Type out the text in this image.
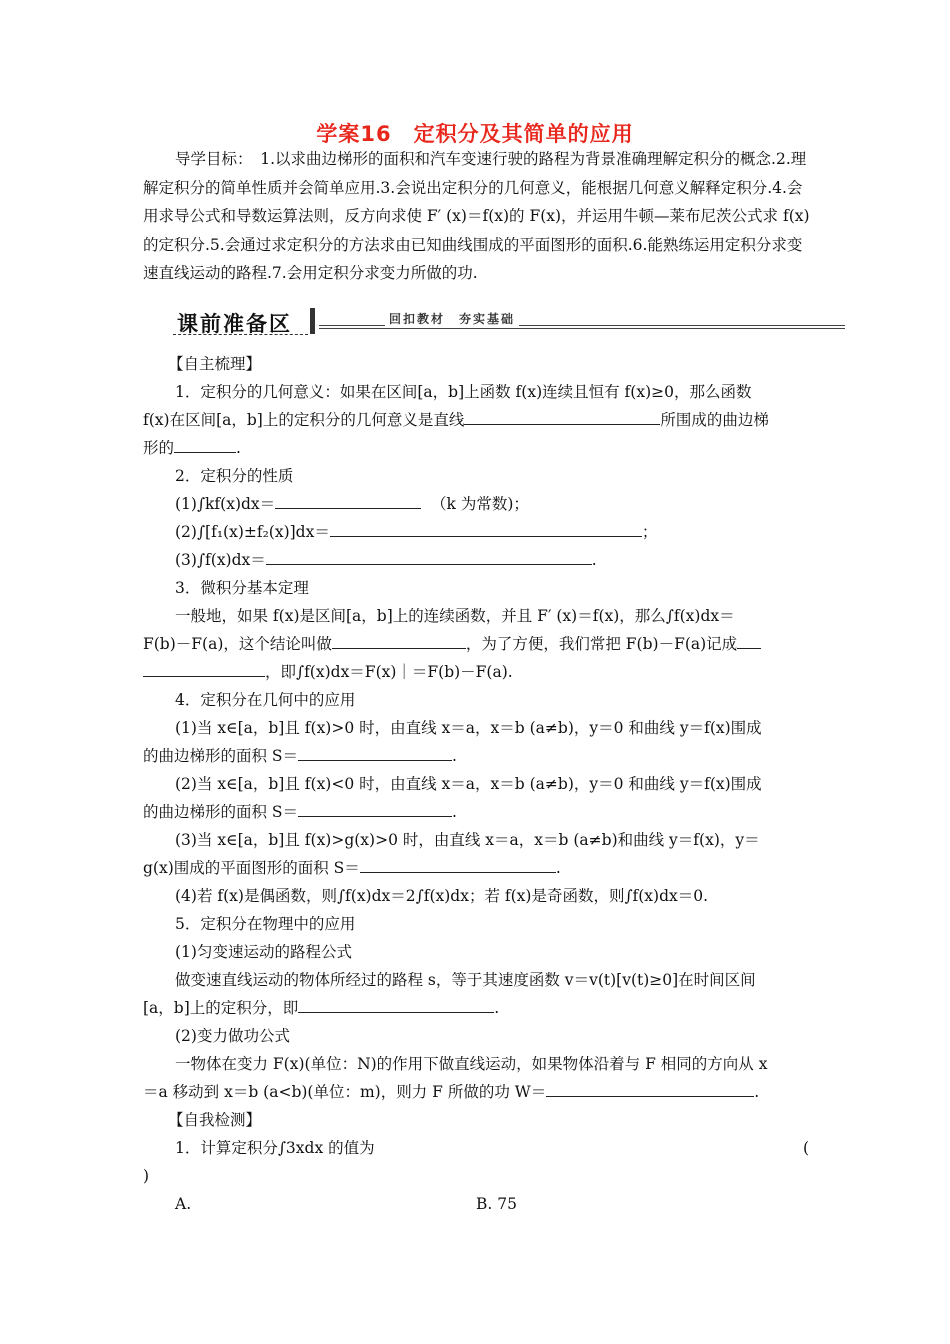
学案16　定积分及其简单的应用
导学目标：　1.以求曲边梯形的面积和汽车变速行驶的路程为背景准确理解定积分的概念.2.理解定积分的简单性质并会简单应用.3.会说出定积分的几何意义，能根据几何意义解释定积分.4.会用求导公式和导数运算法则，反方向求使 F′ (x)＝f(x)的 F(x)，并运用牛顿—莱布尼茨公式求 f(x)的定积分.5.会通过求定积分的方法求由已知曲线围成的平面图形的面积.6.能熟练运用定积分求变速直线运动的路程.7.会用定积分求变力所做的功.
课前准备区	回扣教材　夯实基础
【自主梳理】
1．定积分的几何意义：如果在区间[a，b]上函数 f(x)连续且恒有 f(x)≥0，那么函数
f(x)在区间[a，b]上的定积分的几何意义是直线	所围成的曲边梯
形的	.
2．定积分的性质
(1)∫kf(x)dx＝	（k 为常数)；
(2)∫[f₁(x)±f₂(x)]dx＝	；
(3)∫f(x)dx＝	.
3．微积分基本定理
一般地，如果 f(x)是区间[a，b]上的连续函数，并且 F′ (x)＝f(x)，那么∫f(x)dx＝
F(b)－F(a)，这个结论叫做	，为了方便，我们常把 F(b)－F(a)记成
，即∫f(x)dx＝F(x)｜＝F(b)－F(a).
4．定积分在几何中的应用
(1)当 x∈[a，b]且 f(x)>0 时，由直线 x＝a，x＝b (a≠b)，y＝0 和曲线 y＝f(x)围成
的曲边梯形的面积 S＝	.
(2)当 x∈[a，b]且 f(x)<0 时，由直线 x＝a，x＝b (a≠b)，y＝0 和曲线 y＝f(x)围成
的曲边梯形的面积 S＝	.
(3)当 x∈[a，b]且 f(x)>g(x)>0 时，由直线 x＝a，x＝b (a≠b)和曲线 y＝f(x)，y＝
g(x)围成的平面图形的面积 S＝	.
(4)若 f(x)是偶函数，则∫f(x)dx＝2∫f(x)dx；若 f(x)是奇函数，则∫f(x)dx＝0.
5．定积分在物理中的应用
(1)匀变速运动的路程公式
做变速直线运动的物体所经过的路程 s，等于其速度函数 v＝v(t)[v(t)≥0]在时间区间
[a，b]上的定积分，即	.
(2)变力做功公式
一物体在变力 F(x)(单位：N)的作用下做直线运动，如果物体沿着与 F 相同的方向从 x
＝a 移动到 x＝b (a<b)(单位：m)，则力 F 所做的功 W＝	.
【自我检测】
1．计算定积分∫3xdx 的值为	(
)
A.	B. 75
